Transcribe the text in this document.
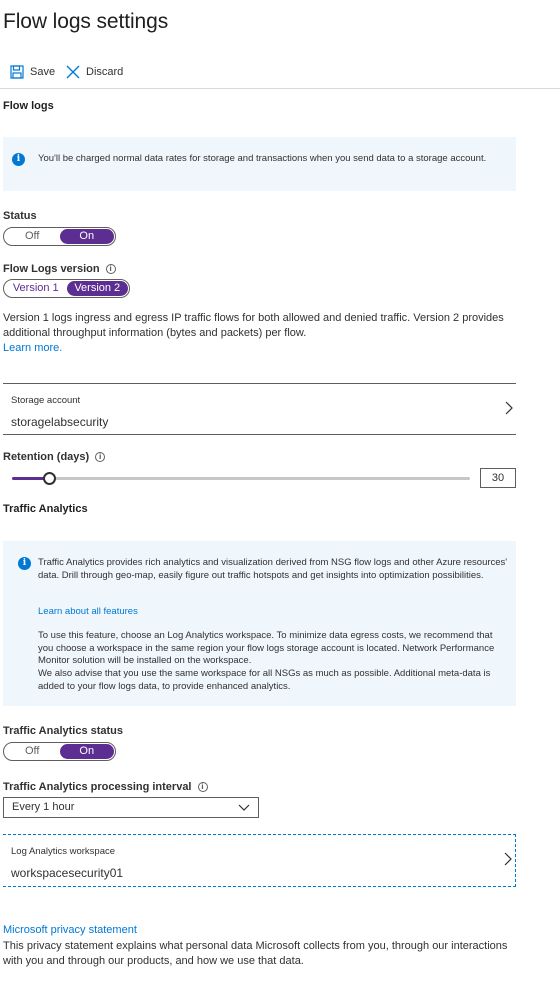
Flow logs settings
Save	Discard
Flow logs
i	You'll be charged normal data rates for storage and transactions when you send data to a storage account.
Status
Off	On
Flow Logs version i
Version 1	Version 2
Version 1 logs ingress and egress IP traffic flows for both allowed and denied traffic. Version 2 provides additional throughput information (bytes and packets) per flow.
Learn more.
Storage account
storagelabsecurity
Retention (days) i
30
Traffic Analytics
i	Traffic Analytics provides rich analytics and visualization derived from NSG flow logs and other Azure resources' data. Drill through geo-map, easily figure out traffic hotspots and get insights into optimization possibilities.
Learn about all features
To use this feature, choose an Log Analytics workspace. To minimize data egress costs, we recommend that you choose a workspace in the same region your flow logs storage account is located. Network Performance Monitor solution will be installed on the workspace.
We also advise that you use the same workspace for all NSGs as much as possible. Additional meta-data is added to your flow logs data, to provide enhanced analytics.
Traffic Analytics status
Off	On
Traffic Analytics processing interval i
Every 1 hour
Log Analytics workspace
workspacesecurity01
Microsoft privacy statement
This privacy statement explains what personal data Microsoft collects from you, through our interactions with you and through our products, and how we use that data.
